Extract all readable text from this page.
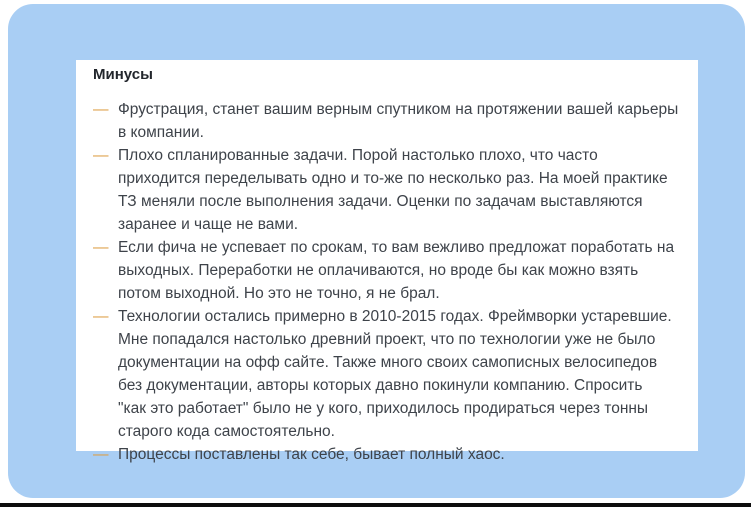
Минусы
— Фрустрация, станет вашим верным спутником на протяжении вашей карьеры
в компании.
— Плохо спланированные задачи. Порой настолько плохо, что часто
приходится переделывать одно и то-же по несколько раз. На моей практике
ТЗ меняли после выполнения задачи. Оценки по задачам выставляются
заранее и чаще не вами.
— Если фича не успевает по срокам, то вам вежливо предложат поработать на
выходных. Переработки не оплачиваются, но вроде бы как можно взять
потом выходной. Но это не точно, я не брал.
— Технологии остались примерно в 2010-2015 годах. Фреймворки устаревшие.
Мне попадался настолько древний проект, что по технологии уже не было
документации на офф сайте. Также много своих самописных велосипедов
без документации, авторы которых давно покинули компанию. Спросить
"как это работает" было не у кого, приходилось продираться через тонны
старого кода самостоятельно.
— Процессы поставлены так себе, бывает полный хаос.
